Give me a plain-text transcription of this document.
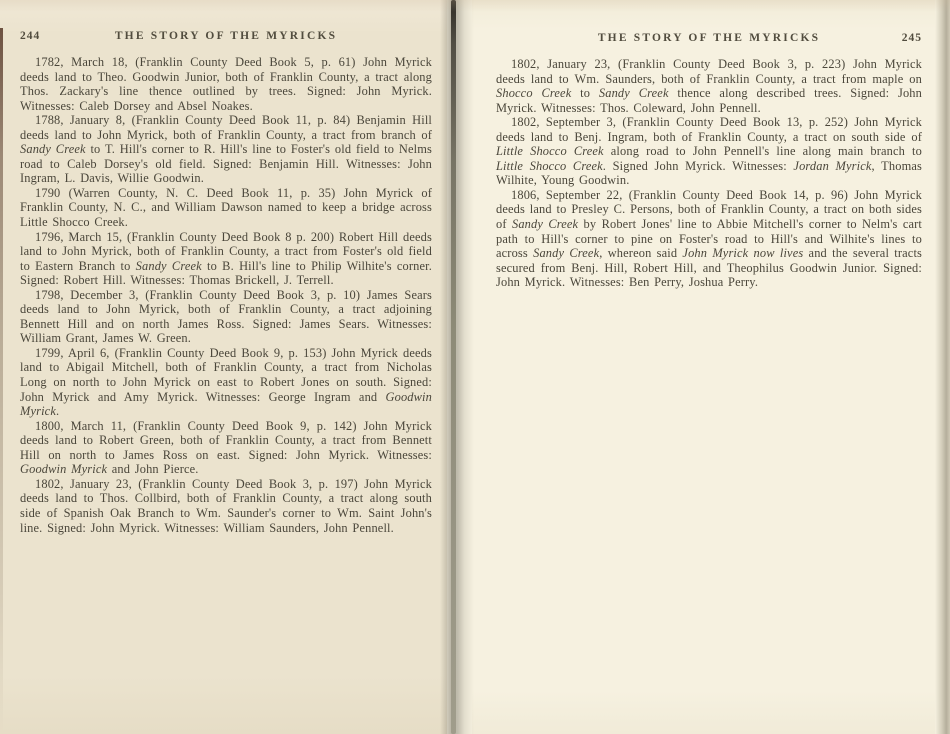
244	THE STORY OF THE MYRICKS

1782, March 18, (Franklin County Deed Book 5, p. 61) John Myrick deeds land to Theo. Goodwin Junior, both of Franklin County, a tract along Thos. Zackary's line thence outlined by trees. Signed: John Myrick. Witnesses: Caleb Dorsey and Absel Noakes.

1788, January 8, (Franklin County Deed Book 11, p. 84) Benjamin Hill deeds land to John Myrick, both of Franklin County, a tract from branch of Sandy Creek to T. Hill's corner to R. Hill's line to Foster's old field to Nelms road to Caleb Dorsey's old field. Signed: Benjamin Hill. Witnesses: John Ingram, L. Davis, Willie Goodwin.

1790 (Warren County, N. C. Deed Book 11, p. 35) John Myrick of Franklin County, N. C., and William Dawson named to keep a bridge across Little Shocco Creek.

1796, March 15, (Franklin County Deed Book 8 p. 200) Robert Hill deeds land to John Myrick, both of Franklin County, a tract from Foster's old field to Eastern Branch to Sandy Creek to B. Hill's line to Philip Wilhite's corner. Signed: Robert Hill. Witnesses: Thomas Brickell, J. Terrell.

1798, December 3, (Franklin County Deed Book 3, p. 10) James Sears deeds land to John Myrick, both of Franklin County, a tract adjoining Bennett Hill and on north James Ross. Signed: James Sears. Witnesses: William Grant, James W. Green.

1799, April 6, (Franklin County Deed Book 9, p. 153) John Myrick deeds land to Abigail Mitchell, both of Franklin County, a tract from Nicholas Long on north to John Myrick on east to Robert Jones on south. Signed: John Myrick and Amy Myrick. Witnesses: George Ingram and Goodwin Myrick.

1800, March 11, (Franklin County Deed Book 9, p. 142) John Myrick deeds land to Robert Green, both of Franklin County, a tract from Bennett Hill on north to James Ross on east. Signed: John Myrick. Witnesses: Goodwin Myrick and John Pierce.

1802, January 23, (Franklin County Deed Book 3, p. 197) John Myrick deeds land to Thos. Collbird, both of Franklin County, a tract along south side of Spanish Oak Branch to Wm. Saunder's corner to Wm. Saint John's line. Signed: John Myrick. Witnesses: William Saunders, John Pennell.

THE STORY OF THE MYRICKS	245

1802, January 23, (Franklin County Deed Book 3, p. 223) John Myrick deeds land to Wm. Saunders, both of Franklin County, a tract from maple on Shocco Creek to Sandy Creek thence along described trees. Signed: John Myrick. Witnesses: Thos. Coleward, John Pennell.

1802, September 3, (Franklin County Deed Book 13, p. 252) John Myrick deeds land to Benj. Ingram, both of Franklin County, a tract on south side of Little Shocco Creek along road to John Pennell's line along main branch to Little Shocco Creek. Signed John Myrick. Witnesses: Jordan Myrick, Thomas Wilhite, Young Goodwin.

1806, September 22, (Franklin County Deed Book 14, p. 96) John Myrick deeds land to Presley C. Persons, both of Franklin County, a tract on both sides of Sandy Creek by Robert Jones' line to Abbie Mitchell's corner to Nelm's cart path to Hill's corner to pine on Foster's road to Hill's and Wilhite's lines to across Sandy Creek, whereon said John Myrick now lives and the several tracts secured from Benj. Hill, Robert Hill, and Theophilus Goodwin Junior. Signed: John Myrick. Witnesses: Ben Perry, Joshua Perry.
